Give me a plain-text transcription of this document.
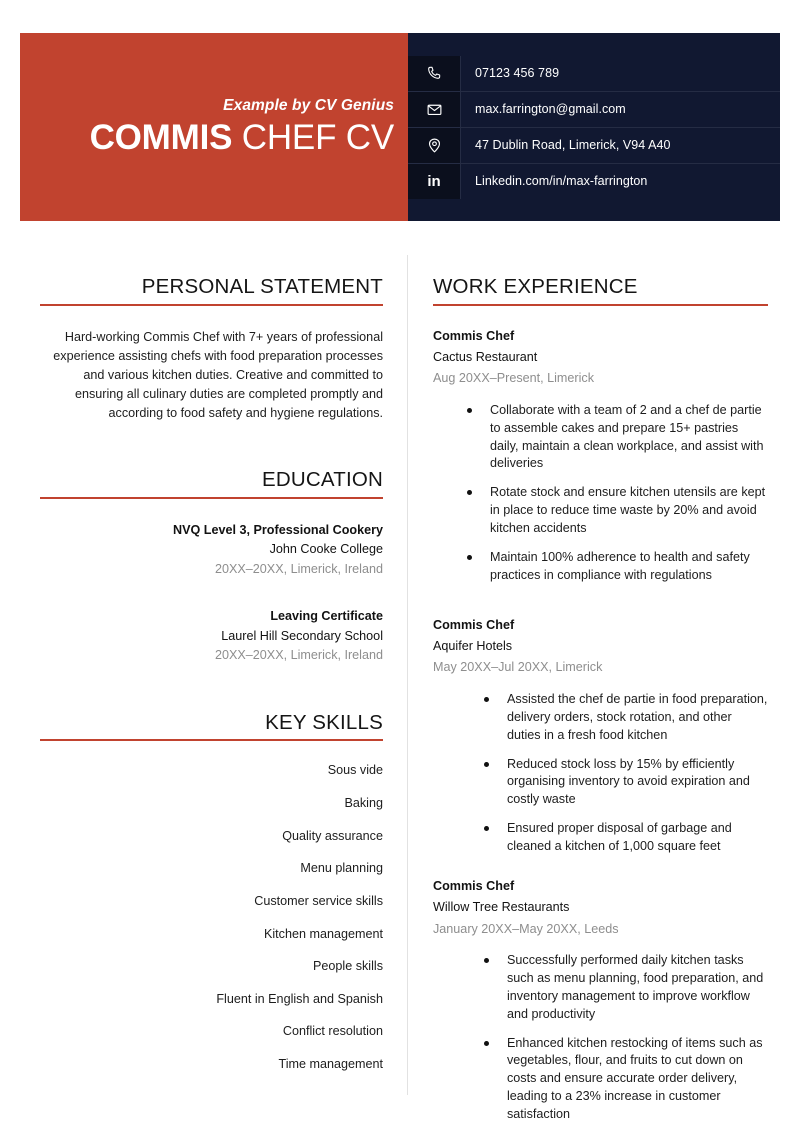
Example by CV Genius
COMMIS CHEF CV
07123 456 789
max.farrington@gmail.com
47 Dublin Road, Limerick, V94 A40
in	Linkedin.com/in/max-farrington
PERSONAL STATEMENT
Hard-working Commis Chef with 7+ years of professional experience assisting chefs with food preparation processes and various kitchen duties. Creative and committed to ensuring all culinary duties are completed promptly and according to food safety and hygiene regulations.
EDUCATION
NVQ Level 3, Professional Cookery
John Cooke College
20XX–20XX, Limerick, Ireland
Leaving Certificate
Laurel Hill Secondary School
20XX–20XX, Limerick, Ireland
KEY SKILLS
Sous vide
Baking
Quality assurance
Menu planning
Customer service skills
Kitchen management
People skills
Fluent in English and Spanish
Conflict resolution
Time management
WORK EXPERIENCE
Commis Chef
Cactus Restaurant
Aug 20XX–Present, Limerick
Collaborate with a team of 2 and a chef de partie to assemble cakes and prepare 15+ pastries daily, maintain a clean workplace, and assist with deliveries
Rotate stock and ensure kitchen utensils are kept in place to reduce time waste by 20% and avoid kitchen accidents
Maintain 100% adherence to health and safety practices in compliance with regulations
Commis Chef
Aquifer Hotels
May 20XX–Jul 20XX, Limerick
Assisted the chef de partie in food preparation, delivery orders, stock rotation, and other duties in a fresh food kitchen
Reduced stock loss by 15% by efficiently organising inventory to avoid expiration and costly waste
Ensured proper disposal of garbage and cleaned a kitchen of 1,000 square feet
Commis Chef
Willow Tree Restaurants
January 20XX–May 20XX, Leeds
Successfully performed daily kitchen tasks such as menu planning, food preparation, and inventory management to improve workflow and productivity
Enhanced kitchen restocking of items such as vegetables, flour, and fruits to cut down on costs and ensure accurate order delivery, leading to a 23% increase in customer satisfaction
